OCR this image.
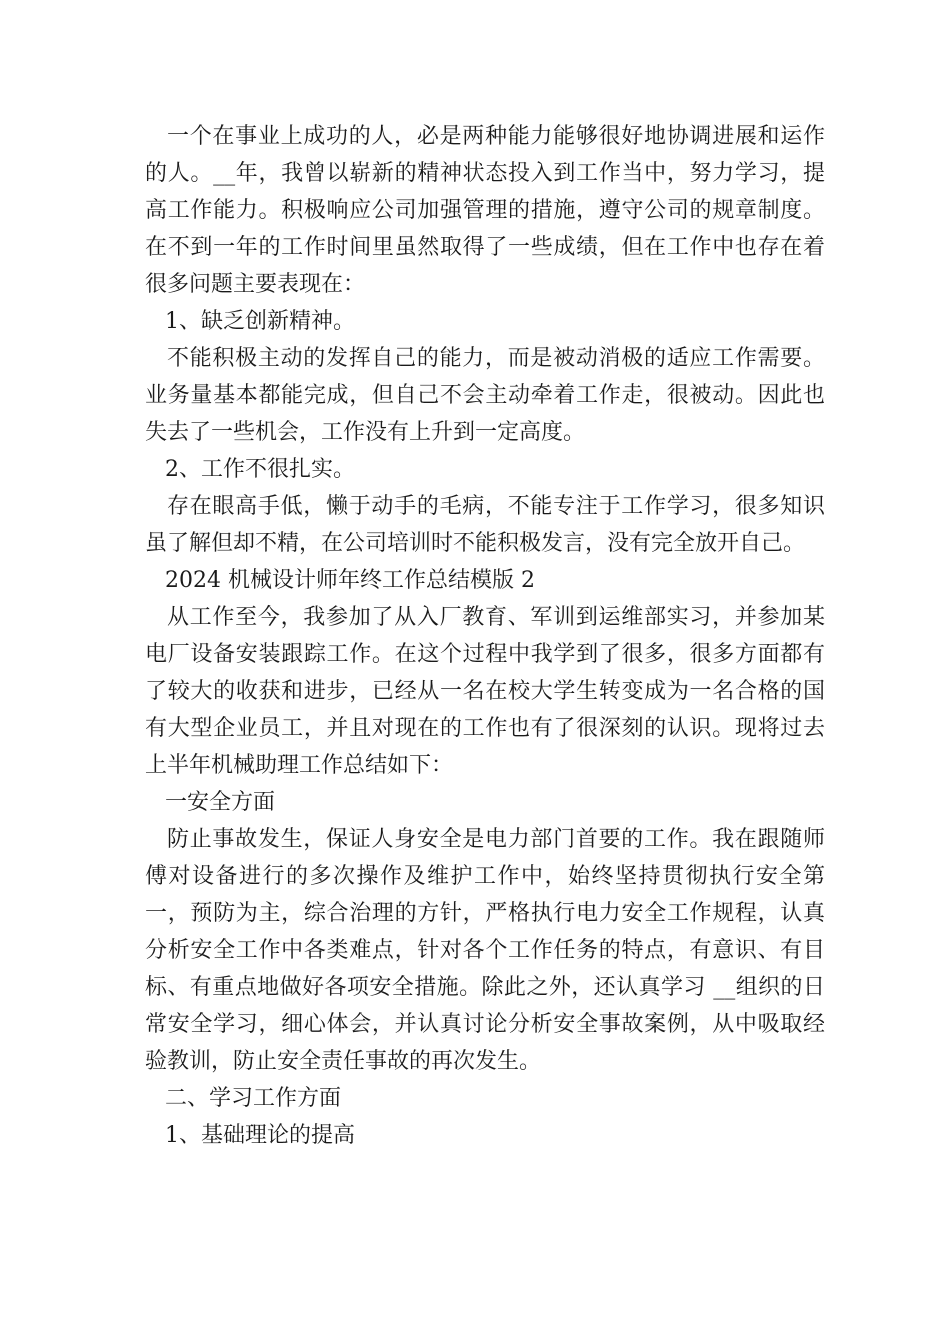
一个在事业上成功的人，必是两种能力能够很好地协调进展和运作的人。__年，我曾以崭新的精神状态投入到工作当中，努力学习，提高工作能力。积极响应公司加强管理的措施，遵守公司的规章制度。在不到一年的工作时间里虽然取得了一些成绩，但在工作中也存在着很多问题主要表现在：

1、缺乏创新精神。

不能积极主动的发挥自己的能力，而是被动消极的适应工作需要。业务量基本都能完成，但自己不会主动牵着工作走，很被动。因此也失去了一些机会，工作没有上升到一定高度。

2、工作不很扎实。

存在眼高手低，懒于动手的毛病，不能专注于工作学习，很多知识虽了解但却不精，在公司培训时不能积极发言，没有完全放开自己。

2024 机械设计师年终工作总结模版 2

从工作至今，我参加了从入厂教育、军训到运维部实习，并参加某电厂设备安装跟踪工作。在这个过程中我学到了很多，很多方面都有了较大的收获和进步，已经从一名在校大学生转变成为一名合格的国有大型企业员工，并且对现在的工作也有了很深刻的认识。现将过去上半年机械助理工作总结如下：

一安全方面

防止事故发生，保证人身安全是电力部门首要的工作。我在跟随师傅对设备进行的多次操作及维护工作中，始终坚持贯彻执行安全第一，预防为主，综合治理的方针，严格执行电力安全工作规程，认真分析安全工作中各类难点，针对各个工作任务的特点，有意识、有目标、有重点地做好各项安全措施。除此之外，还认真学习 __组织的日常安全学习，细心体会，并认真讨论分析安全事故案例，从中吸取经验教训，防止安全责任事故的再次发生。

二、学习工作方面

1、基础理论的提高
